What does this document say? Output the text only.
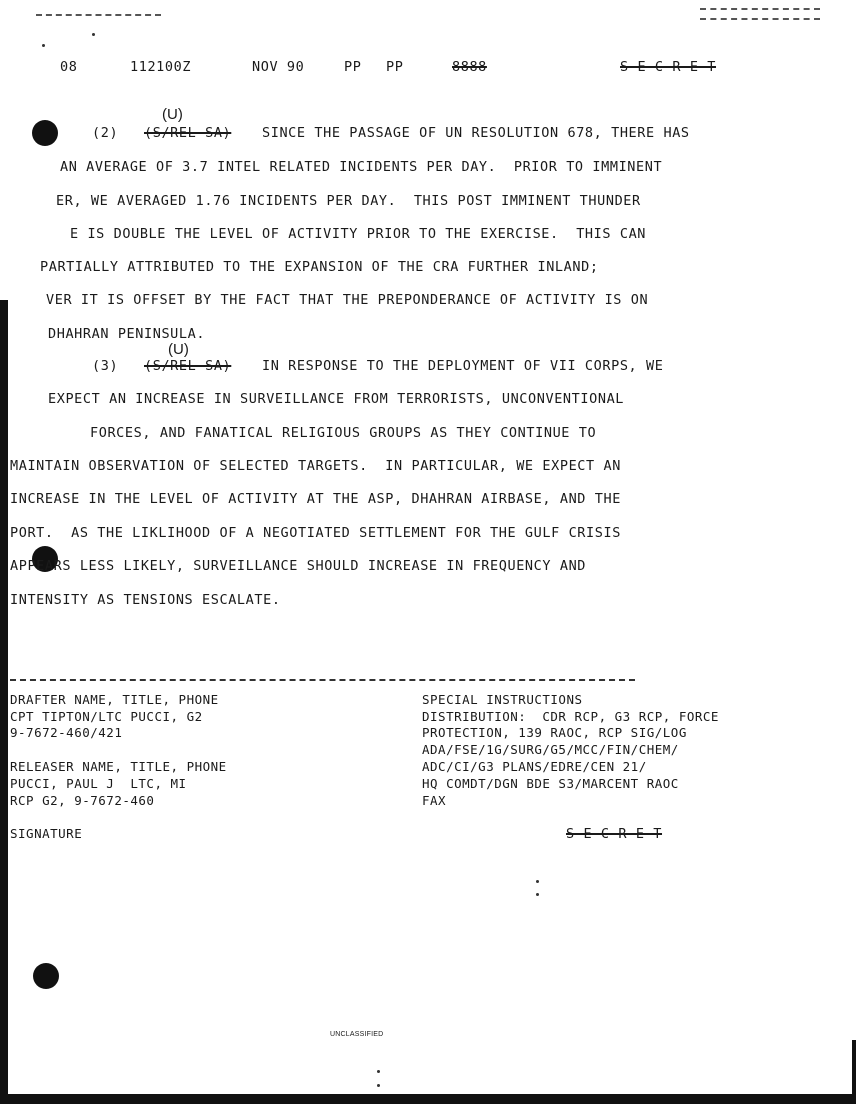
08	112100Z	NOV 90	PP PP	8888	S E C R E T
(U)
(2) (S/REL SA) SINCE THE PASSAGE OF UN RESOLUTION 678, THERE HAS
AN AVERAGE OF 3.7 INTEL RELATED INCIDENTS PER DAY.  PRIOR TO IMMINENT
ER, WE AVERAGED 1.76 INCIDENTS PER DAY.  THIS POST IMMINENT THUNDER
E IS DOUBLE THE LEVEL OF ACTIVITY PRIOR TO THE EXERCISE.  THIS CAN
PARTIALLY ATTRIBUTED TO THE EXPANSION OF THE CRA FURTHER INLAND;
VER IT IS OFFSET BY THE FACT THAT THE PREPONDERANCE OF ACTIVITY IS ON
DHAHRAN PENINSULA.
(U)
(3) (S/REL SA) IN RESPONSE TO THE DEPLOYMENT OF VII CORPS, WE
EXPECT AN INCREASE IN SURVEILLANCE FROM TERRORISTS, UNCONVENTIONAL
FORCES, AND FANATICAL RELIGIOUS GROUPS AS THEY CONTINUE TO
MAINTAIN OBSERVATION OF SELECTED TARGETS.  IN PARTICULAR, WE EXPECT AN
INCREASE IN THE LEVEL OF ACTIVITY AT THE ASP, DHAHRAN AIRBASE, AND THE
PORT.  AS THE LIKLIHOOD OF A NEGOTIATED SETTLEMENT FOR THE GULF CRISIS
APPEARS LESS LIKELY, SURVEILLANCE SHOULD INCREASE IN FREQUENCY AND
INTENSITY AS TENSIONS ESCALATE.
DRAFTER NAME, TITLE, PHONE
CPT TIPTON/LTC PUCCI, G2
9-7672-460/421
RELEASER NAME, TITLE, PHONE
PUCCI, PAUL J  LTC, MI
RCP G2, 9-7672-460
SIGNATURE
SPECIAL INSTRUCTIONS
DISTRIBUTION:  CDR RCP, G3 RCP, FORCE
PROTECTION, 139 RAOC, RCP SIG/LOG
ADA/FSE/1G/SURG/G5/MCC/FIN/CHEM/
ADC/CI/G3 PLANS/EDRE/CEN 21/
HQ COMDT/DGN BDE S3/MARCENT RAOC
FAX
S E C R E T
UNCLASSIFIED
